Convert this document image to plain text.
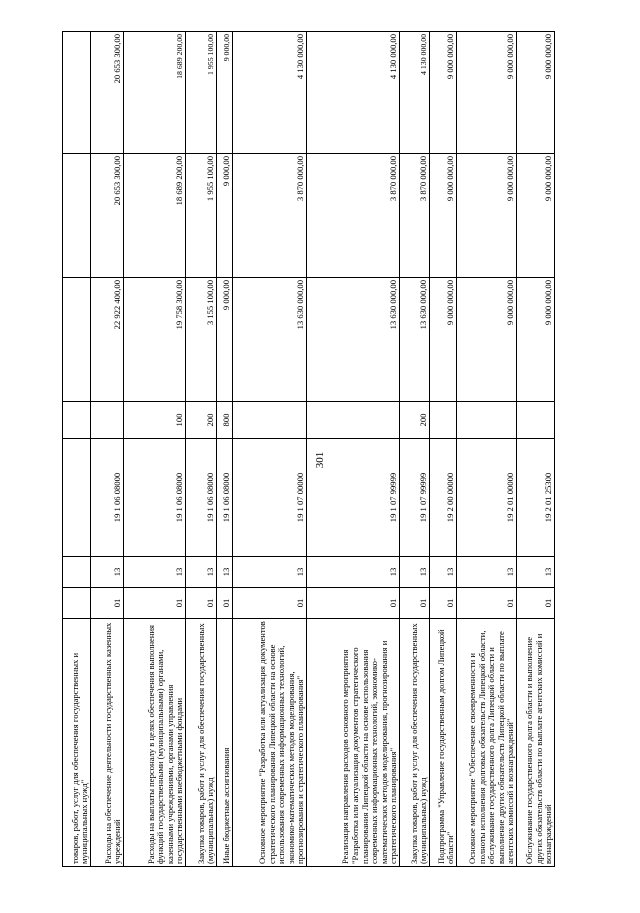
301
товаров, работ, услуг для обеспечения государственных и муниципальных нужд"							
Расходы на обеспечение деятельности государственных казенных учреждений	01	13	19 1 06 08000		22 922 400,00	20 653 300,00	20 653 300,00
Расходы на выплаты персоналу в целях обеспечения выполнения функций государственными (муниципальными) органами, казенными учреждениями, органами управления государственными внебюджетными фондами	01	13	19 1 06 08000	100	19 758 300,00	18 689 200,00	18 689 200,00
Закупка товаров, работ и услуг для обеспечения государственных (муниципальных) нужд	01	13	19 1 06 08000	200	3 155 100,00	1 955 100,00	1 955 100,00
Иные бюджетные ассигнования	01	13	19 1 06 08000	800	9 000,00	9 000,00	9 000,00
Основное мероприятие "Разработка или актуализация документов стратегического планирования Липецкой области на основе использования современных информационных технологий, экономико-математических методов моделирования, прогнозирования и стратегического планирования"	01	13	19 1 07 00000		13 630 000,00	3 870 000,00	4 130 000,00
Реализация направления расходов основного мероприятия "Разработка или актуализация документов стратегического планирования Липецкой области на основе использования современных информационных технологий, экономико-математических методов моделирования, прогнозирования и стратегического планирования"	01	13	19 1 07 99999		13 630 000,00	3 870 000,00	4 130 000,00
Закупка товаров, работ и услуг для обеспечения государственных (муниципальных) нужд	01	13	19 1 07 99999	200	13 630 000,00	3 870 000,00	4 130 000,00
Подпрограмма "Управление государственным долгом Липецкой области"	01	13	19 2 00 00000		9 000 000,00	9 000 000,00	9 000 000,00
Основное мероприятие "Обеспечение своевременности и полноты исполнения долговых обязательств Липецкой области, обслуживание государственного долга Липецкой области и выполнение других обязательств Липецкой области по выплате агентских комиссий и вознаграждений"	01	13	19 2 01 00000		9 000 000,00	9 000 000,00	9 000 000,00
Обслуживание государственного долга области и выполнение других обязательств области по выплате агентских комиссий и вознаграждений	01	13	19 2 01 25300		9 000 000,00	9 000 000,00	9 000 000,00
